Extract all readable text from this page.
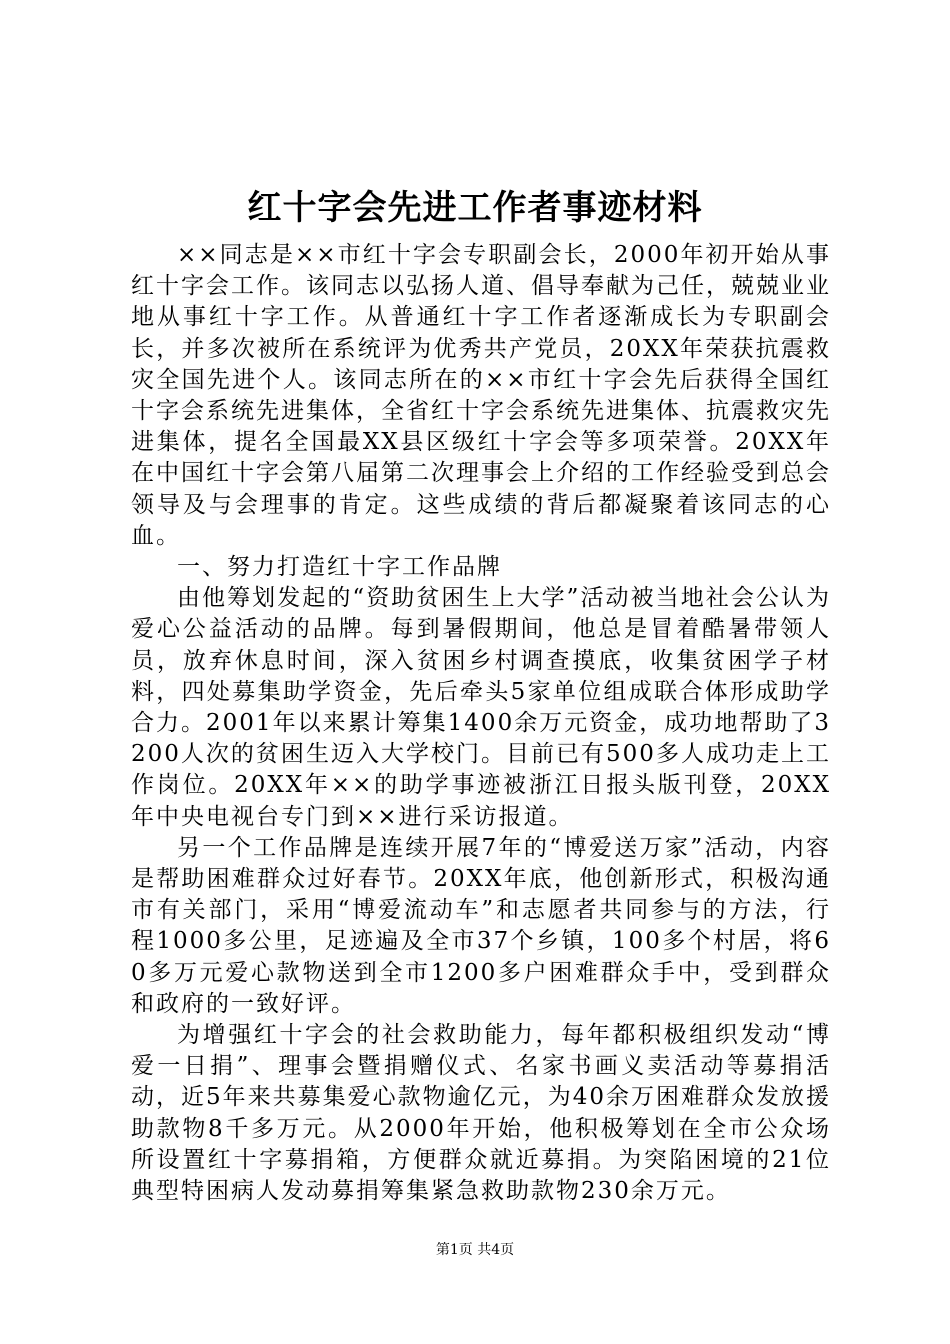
红十字会先进工作者事迹材料

××同志是××市红十字会专职副会长，2000年初开始从事红十字会工作。该同志以弘扬人道、倡导奉献为己任，兢兢业业地从事红十字工作。从普通红十字工作者逐渐成长为专职副会长，并多次被所在系统评为优秀共产党员，20XX年荣获抗震救灾全国先进个人。该同志所在的××市红十字会先后获得全国红十字会系统先进集体，全省红十字会系统先进集体、抗震救灾先进集体，提名全国最XX县区级红十字会等多项荣誉。20XX年在中国红十字会第八届第二次理事会上介绍的工作经验受到总会领导及与会理事的肯定。这些成绩的背后都凝聚着该同志的心血。

一、努力打造红十字工作品牌

由他筹划发起的“资助贫困生上大学”活动被当地社会公认为爱心公益活动的品牌。每到暑假期间，他总是冒着酷暑带领人员，放弃休息时间，深入贫困乡村调查摸底，收集贫困学子材料，四处募集助学资金，先后牵头5家单位组成联合体形成助学合力。2001年以来累计筹集1400余万元资金，成功地帮助了3200人次的贫困生迈入大学校门。目前已有500多人成功走上工作岗位。20XX年××的助学事迹被浙江日报头版刊登，20XX年中央电视台专门到××进行采访报道。

另一个工作品牌是连续开展7年的“博爱送万家”活动，内容是帮助困难群众过好春节。20XX年底，他创新形式，积极沟通市有关部门，采用“博爱流动车”和志愿者共同参与的方法，行程1000多公里，足迹遍及全市37个乡镇，100多个村居，将60多万元爱心款物送到全市1200多户困难群众手中，受到群众和政府的一致好评。

为增强红十字会的社会救助能力，每年都积极组织发动“博爱一日捐”、理事会暨捐赠仪式、名家书画义卖活动等募捐活动，近5年来共募集爱心款物逾亿元，为40余万困难群众发放援助款物8千多万元。从2000年开始，他积极筹划在全市公众场所设置红十字募捐箱，方便群众就近募捐。为突陷困境的21位典型特困病人发动募捐筹集紧急救助款物230余万元。

第1页 共4页
